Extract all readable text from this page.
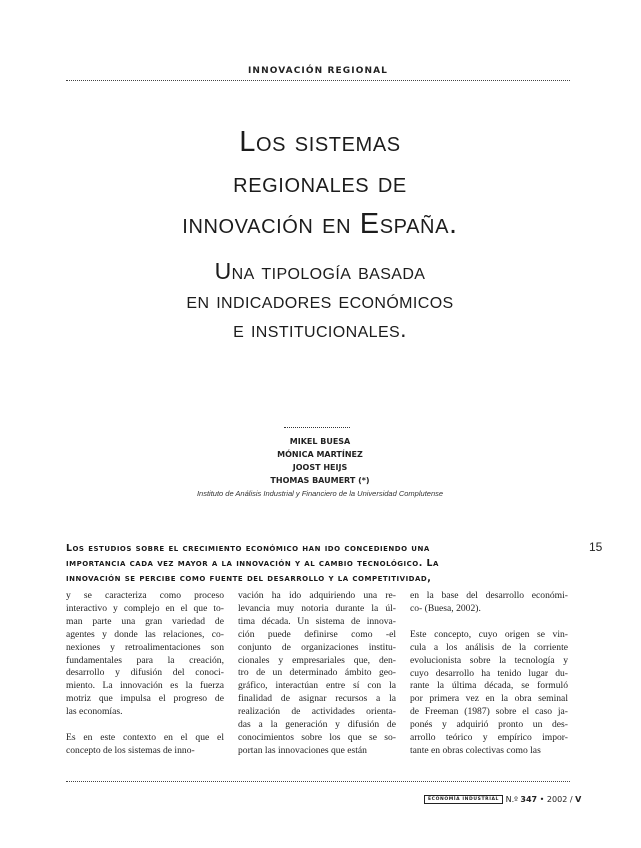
INNOVACIÓN REGIONAL
Los sistemas
regionales de
innovación en España.
Una tipología basada
en indicadores económicos
e institucionales.
MIKEL BUESA
MÓNICA MARTÍNEZ
JOOST HEIJS
THOMAS BAUMERT (*)
Instituto de Análisis Industrial y Financiero de la Universidad Complutense
15
Los estudios sobre el crecimiento económico han ido concediendo una
importancia cada vez mayor a la innovación y al cambio tecnológico. La
innovación se percibe como fuente del desarrollo y la competitividad,

y se caracteriza como proceso
interactivo y complejo en el que to-
man parte una gran variedad de
agentes y donde las relaciones, co-
nexiones y retroalimentaciones son
fundamentales para la creación,
desarrollo y difusión del conoci-
miento. La innovación es la fuerza
motriz que impulsa el progreso de
las economías.

Es en este contexto en el que el
concepto de los sistemas de inno-

vación ha ido adquiriendo una re-
levancia muy notoria durante la úl-
tima década. Un sistema de innova-
ción puede definirse como -el
conjunto de organizaciones institu-
cionales y empresariales que, den-
tro de un determinado ámbito geo-
gráfico, interactúan entre sí con la
finalidad de asignar recursos a la
realización de actividades orienta-
das a la generación y difusión de
conocimientos sobre los que se so-
portan las innovaciones que están

en la base del desarrollo económi-
co- (Buesa, 2002).

Este concepto, cuyo origen se vin-
cula a los análisis de la corriente
evolucionista sobre la tecnología y
cuyo desarrollo ha tenido lugar du-
rante la última década, se formuló
por primera vez en la obra seminal
de Freeman (1987) sobre el caso ja-
ponés y adquirió pronto un des-
arrollo teórico y empírico impor-
tante en obras colectivas como las

ECONOMÍA INDUSTRIAL N.º 347 • 2002 / V
